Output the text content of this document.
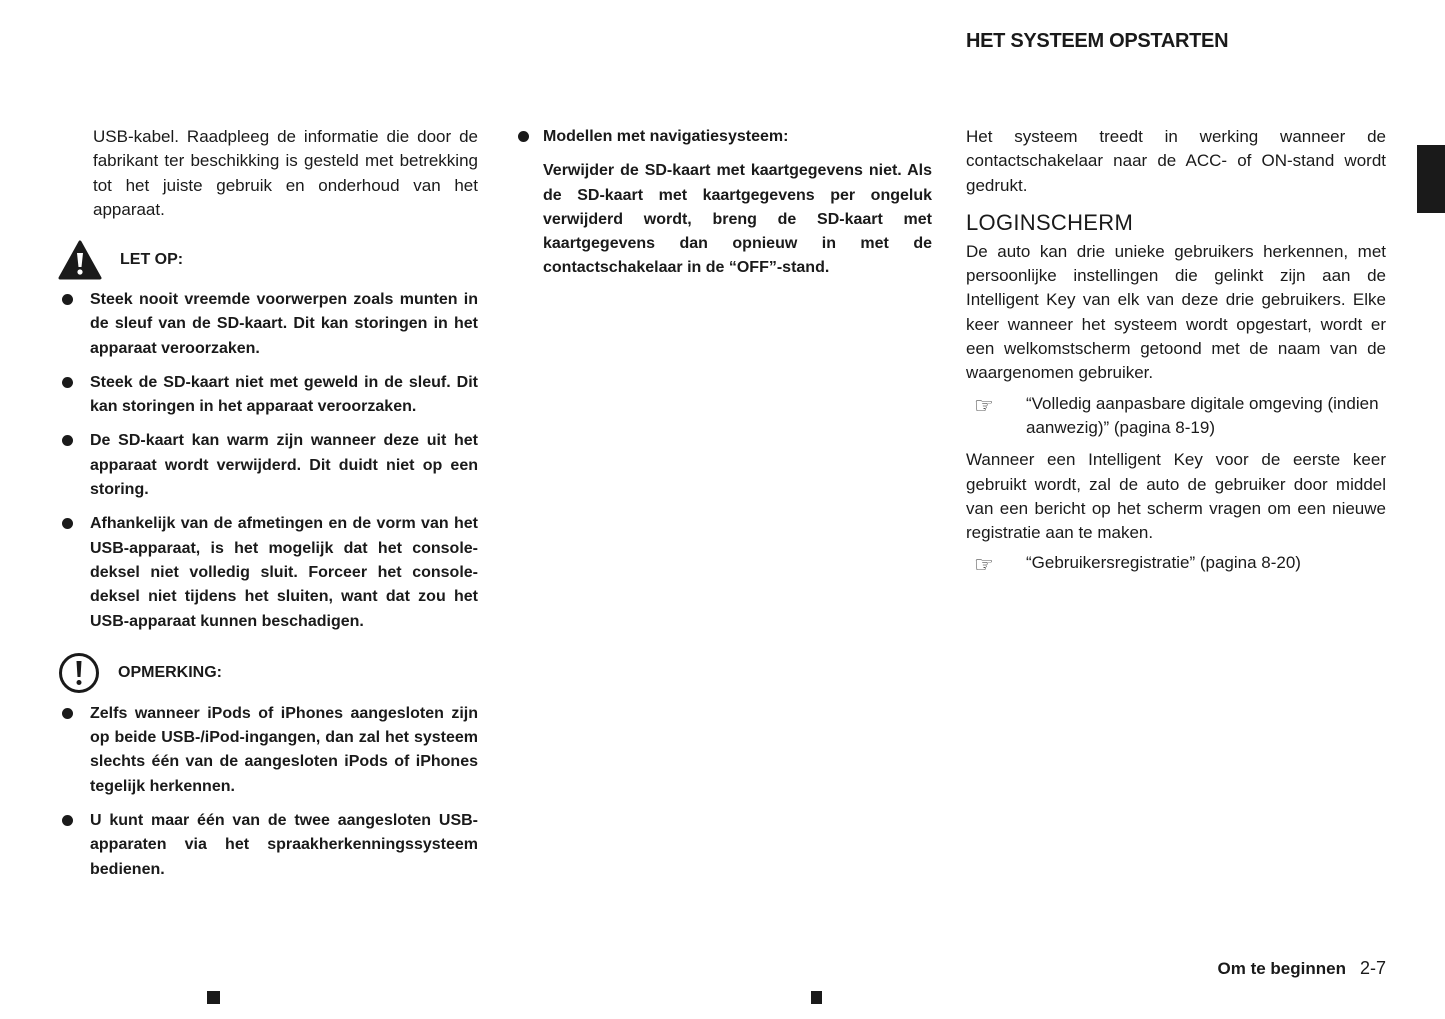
HET SYSTEEM OPSTARTEN

USB-kabel. Raadpleeg de informatie die door de fabrikant ter beschikking is gesteld met betrekking tot het juiste gebruik en onderhoud van het apparaat.

LET OP:

Steek nooit vreemde voorwerpen zoals munten in de sleuf van de SD-kaart. Dit kan storingen in het apparaat veroorzaken.

Steek de SD-kaart niet met geweld in de sleuf. Dit kan storingen in het apparaat veroorzaken.

De SD-kaart kan warm zijn wanneer deze uit het apparaat wordt verwijderd. Dit duidt niet op een storing.

Afhankelijk van de afmetingen en de vorm van het USB-apparaat, is het mogelijk dat het console-deksel niet volledig sluit. Forceer het console-deksel niet tijdens het sluiten, want dat zou het USB-apparaat kunnen beschadigen.

OPMERKING:

Zelfs wanneer iPods of iPhones aangesloten zijn op beide USB-/iPod-ingangen, dan zal het systeem slechts één van de aangesloten iPods of iPhones tegelijk herkennen.

U kunt maar één van de twee aangesloten USB-apparaten via het spraakherkenningssysteem bedienen.

Modellen met navigatiesysteem:

Verwijder de SD-kaart met kaartgegevens niet. Als de SD-kaart met kaartgegevens per ongeluk verwijderd wordt, breng de SD-kaart met kaartgegevens dan opnieuw in met de contactschakelaar in de “OFF”-stand.

Het systeem treedt in werking wanneer de contactschakelaar naar de ACC- of ON-stand wordt gedrukt.

LOGINSCHERM

De auto kan drie unieke gebruikers herkennen, met persoonlijke instellingen die gelinkt zijn aan de Intelligent Key van elk van deze drie gebruikers. Elke keer wanneer het systeem wordt opgestart, wordt er een welkomstscherm getoond met de naam van de waargenomen gebruiker.

☞	“Volledig aanpasbare digitale omgeving (indien aanwezig)” (pagina 8-19)

Wanneer een Intelligent Key voor de eerste keer gebruikt wordt, zal de auto de gebruiker door middel van een bericht op het scherm vragen om een nieuwe registratie aan te maken.

☞	“Gebruikersregistratie” (pagina 8-20)

Om te beginnen 2-7
